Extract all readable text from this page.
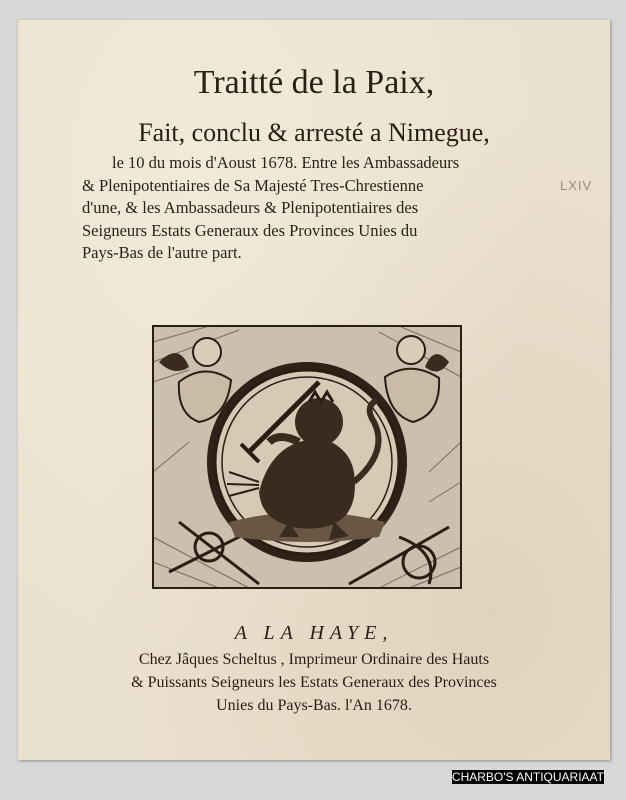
Traitté de la Paix,
Fait, conclu & arresté a Nimegue,
le 10 du mois d'Aoust 1678. Entre les Ambassadeurs
& Plenipotentiaires de Sa Majesté Tres-Chrestienne
d'une, & les Ambassadeurs & Plenipotentiaires des
Seigneurs Estats Generaux des Provinces Unies du
Pays-Bas de l'autre part.
LXIV
A LA HAYE,
Chez Jâques Scheltus , Imprimeur Ordinaire des Hauts
& Puissants Seigneurs les Estats Generaux des Provinces
Unies du Pays-Bas. l'An 1678.
CHARBO'S ANTIQUARIAAT
